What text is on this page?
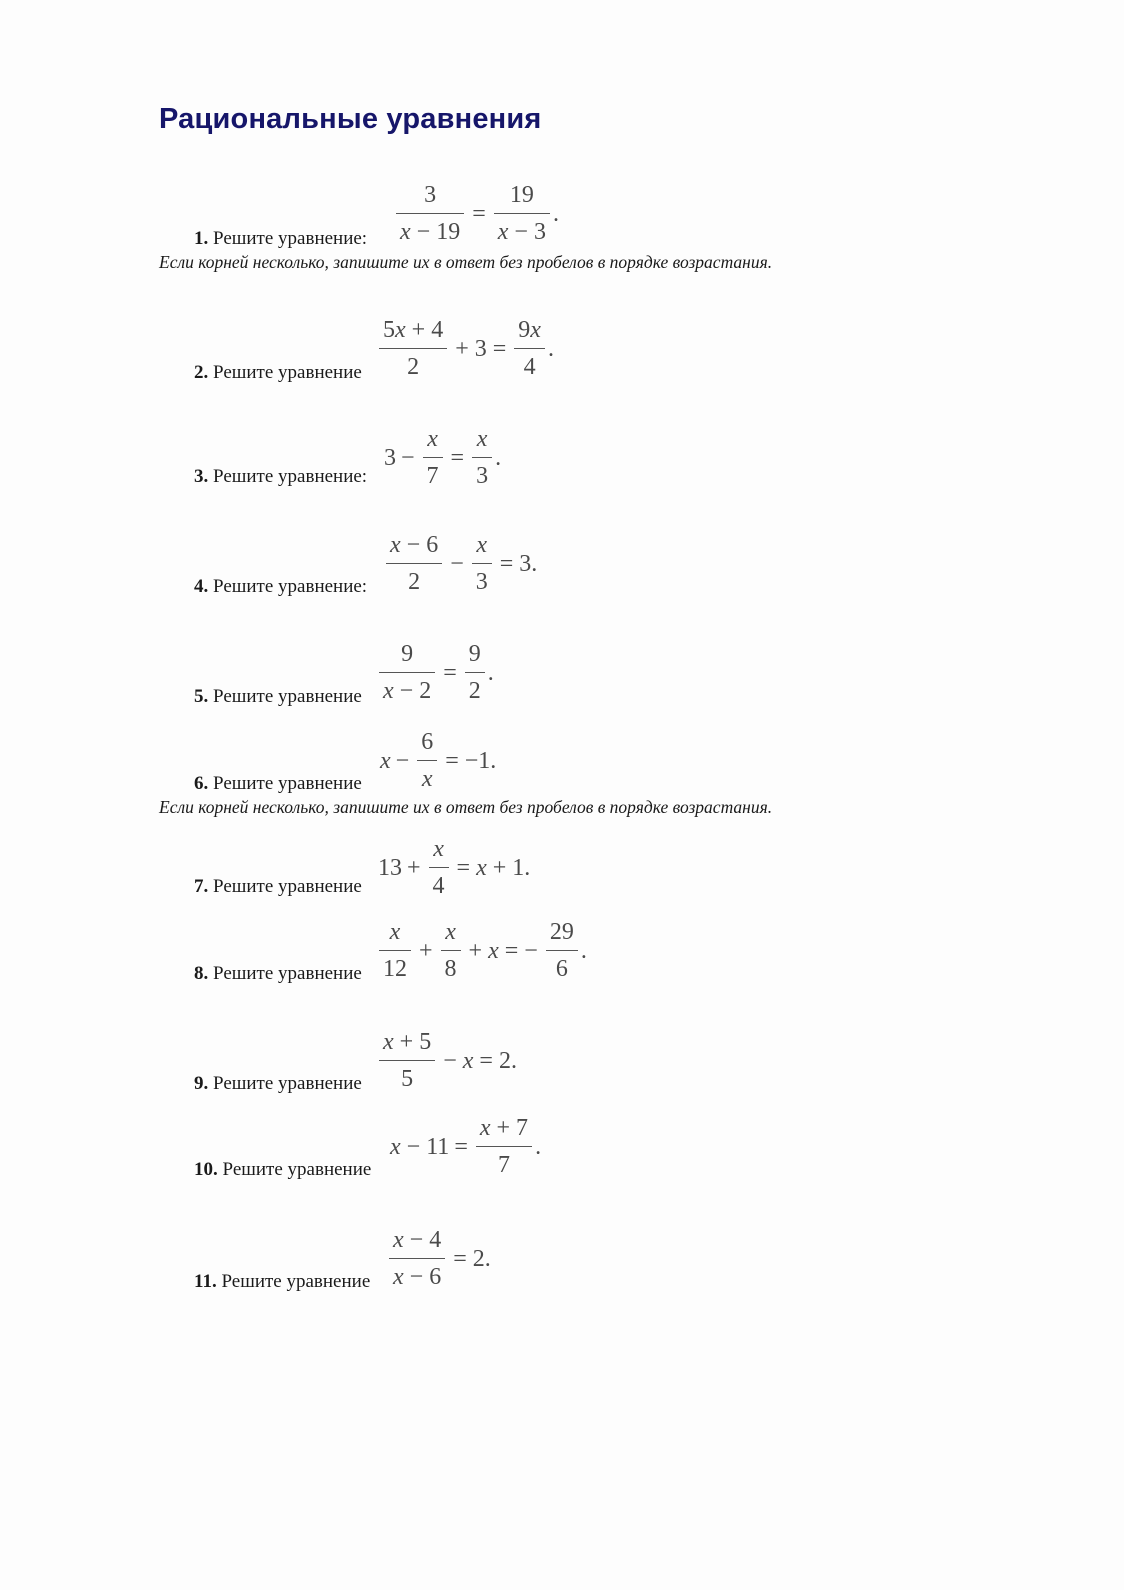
Рациональные уравнения
1. Решите уравнение: $\frac{3}{x - 19} = \frac{19}{x - 3}$ .
Если корней несколько, запишите их в ответ без пробелов в порядке возрастания.
2. Решите уравнение $\frac{5x + 4}{2} + 3 = \frac{9x}{4}$ .
3. Решите уравнение:
$3 - \frac{x}{7} = \frac{x}{3}$ .
4. Решите уравнение: $\frac{x - 6}{2} - \frac{x}{3} = 3$.
5. Решите уравнение $\frac{9}{x - 2} = \frac{9}{2}$ .
6. Решите уравнение
$x - \frac{6}{x} = -1$.
Если корней несколько, запишите их в ответ без пробелов в порядке возрастания.
7. Решите уравнение
$13 + \frac{x}{4} = x + 1$.
8. Решите уравнение $\frac{x}{12} + \frac{x}{8} + x$ = − $\frac{29}{6}$ .
9. Решите уравнение $\frac{x + 5}{5} - x = 2$.
10. Решите уравнение
$x - 11 = \frac{x + 7}{7}$ .
11. Решите уравнение $\frac{x - 4}{x - 6} = 2$.
